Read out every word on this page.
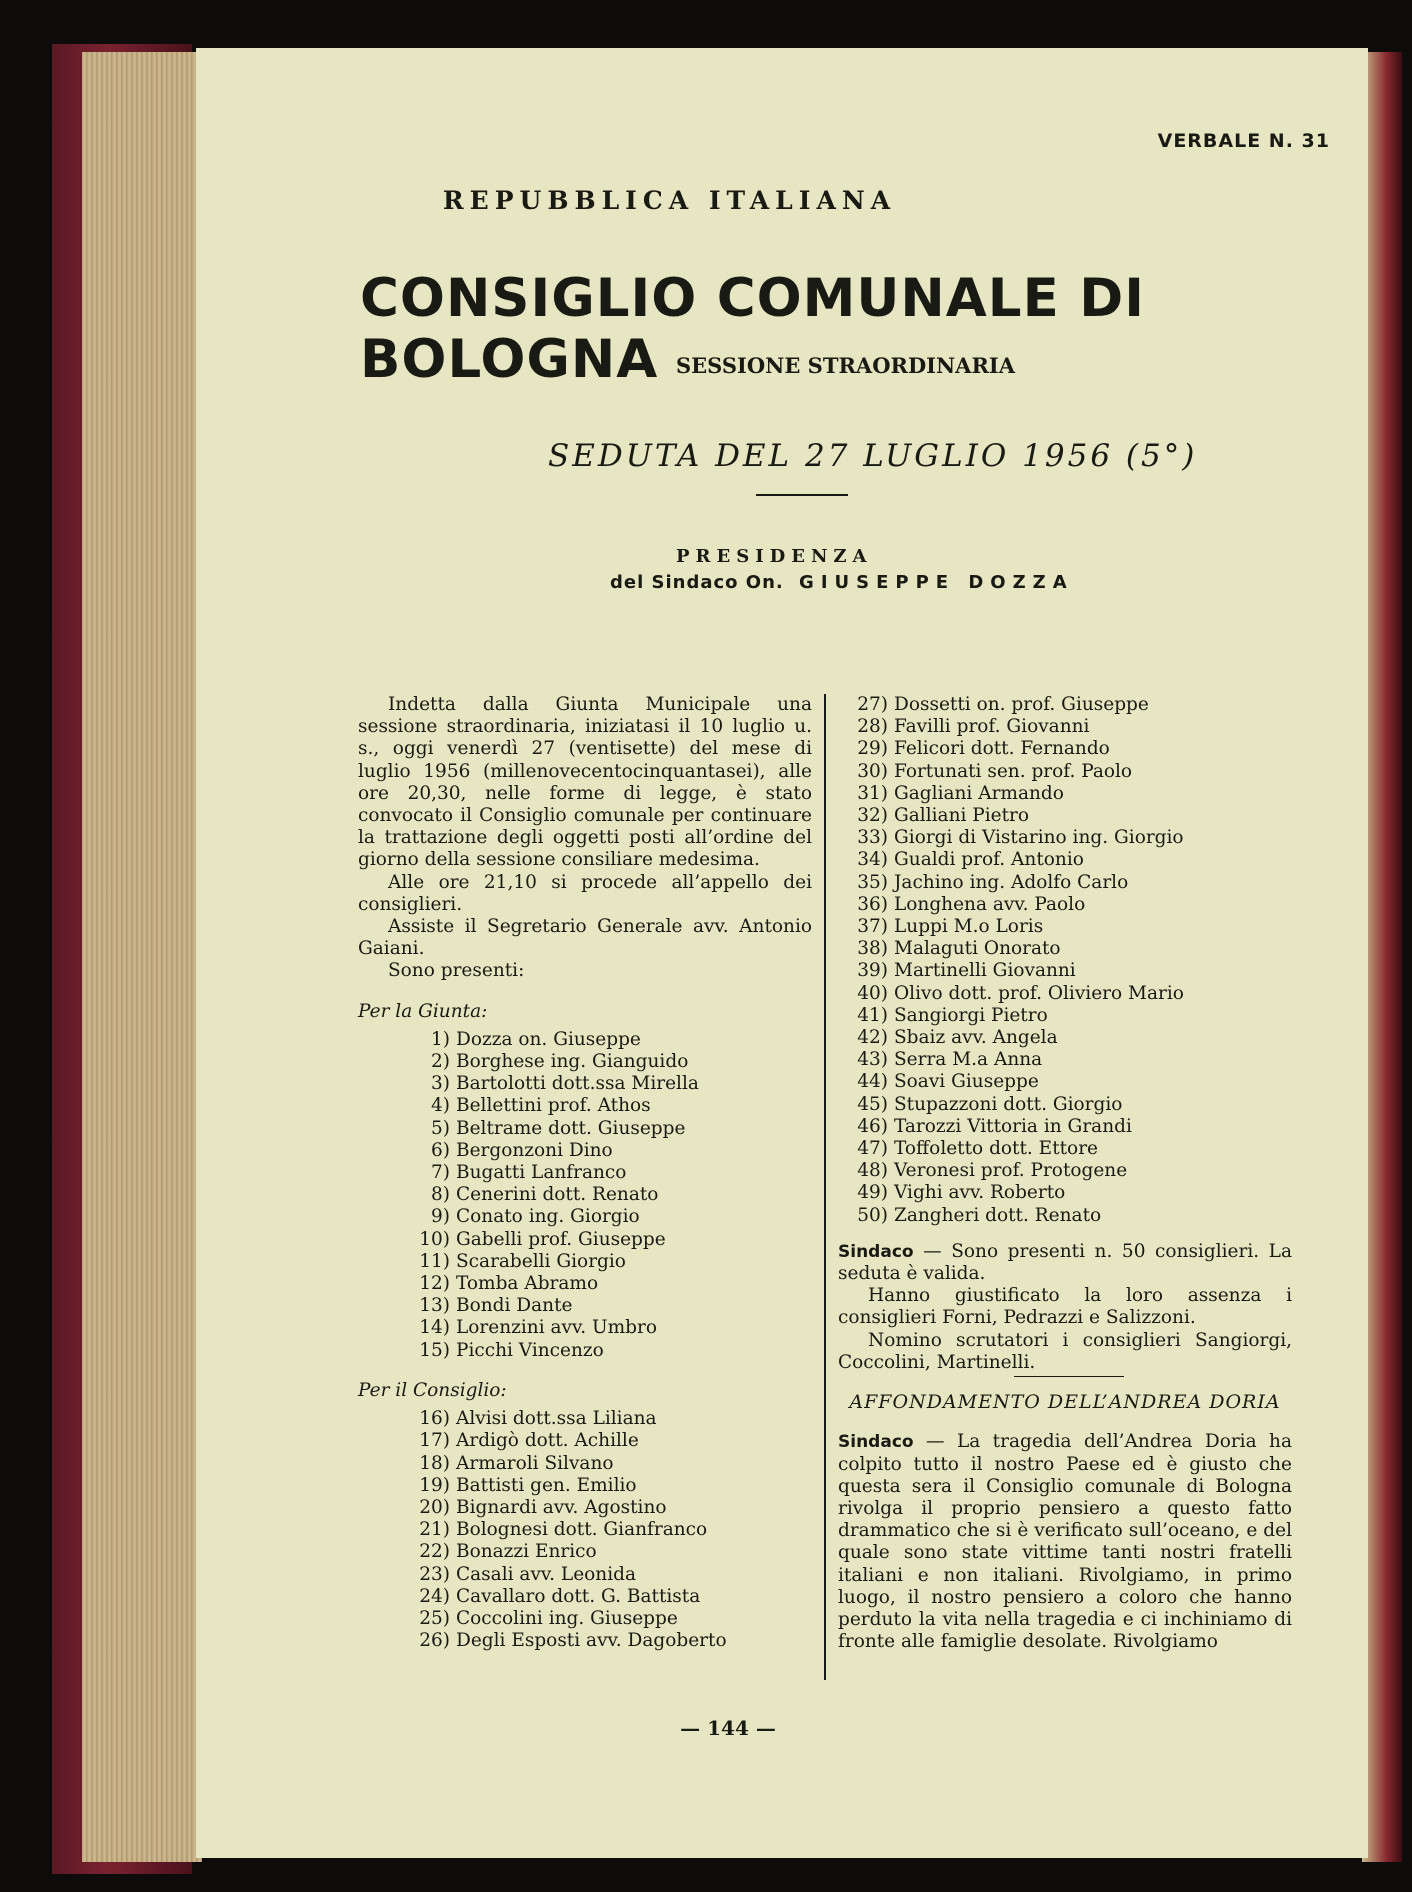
VERBALE N. 31
REPUBBLICA ITALIANA
CONSIGLIO COMUNALE DI BOLOGNA SESSIONE STRAORDINARIA
SEDUTA DEL 27 LUGLIO 1956 (5°)
PRESIDENZA
del Sindaco On. GIUSEPPE DOZZA

Indetta dalla Giunta Municipale una sessione straordinaria, iniziatasi il 10 luglio u. s., oggi venerdì 27 (ventisette) del mese di luglio 1956 (millenovecentocinquantasei), alle ore 20,30, nelle forme di legge, è stato convocato il Consiglio comunale per continuare la trattazione degli oggetti posti all’ordine del giorno della sessione consiliare medesima.

Alle ore 21,10 si procede all’appello dei consiglieri.

Assiste il Segretario Generale avv. Antonio Gaiani.

Sono presenti:

Per la Giunta:
1) Dozza on. Giuseppe
2) Borghese ing. Gianguido
3) Bartolotti dott.ssa Mirella
4) Bellettini prof. Athos
5) Beltrame dott. Giuseppe
6) Bergonzoni Dino
7) Bugatti Lanfranco
8) Cenerini dott. Renato
9) Conato ing. Giorgio
10) Gabelli prof. Giuseppe
11) Scarabelli Giorgio
12) Tomba Abramo
13) Bondi Dante
14) Lorenzini avv. Umbro
15) Picchi Vincenzo
Per il Consiglio:
16) Alvisi dott.ssa Liliana
17) Ardigò dott. Achille
18) Armaroli Silvano
19) Battisti gen. Emilio
20) Bignardi avv. Agostino
21) Bolognesi dott. Gianfranco
22) Bonazzi Enrico
23) Casali avv. Leonida
24) Cavallaro dott. G. Battista
25) Coccolini ing. Giuseppe
26) Degli Esposti avv. Dagoberto
27) Dossetti on. prof. Giuseppe
28) Favilli prof. Giovanni
29) Felicori dott. Fernando
30) Fortunati sen. prof. Paolo
31) Gagliani Armando
32) Galliani Pietro
33) Giorgi di Vistarino ing. Giorgio
34) Gualdi prof. Antonio
35) Jachino ing. Adolfo Carlo
36) Longhena avv. Paolo
37) Luppi M.o Loris
38) Malaguti Onorato
39) Martinelli Giovanni
40) Olivo dott. prof. Oliviero Mario
41) Sangiorgi Pietro
42) Sbaiz avv. Angela
43) Serra M.a Anna
44) Soavi Giuseppe
45) Stupazzoni dott. Giorgio
46) Tarozzi Vittoria in Grandi
47) Toffoletto dott. Ettore
48) Veronesi prof. Protogene
49) Vighi avv. Roberto
50) Zangheri dott. Renato

Sindaco — Sono presenti n. 50 consiglieri. La seduta è valida.

Hanno giustificato la loro assenza i consiglieri Forni, Pedrazzi e Salizzoni.

Nomino scrutatori i consiglieri Sangiorgi, Coccolini, Martinelli.

AFFONDAMENTO DELL’ANDREA DORIA

Sindaco — La tragedia dell’Andrea Doria ha colpito tutto il nostro Paese ed è giusto che questa sera il Consiglio comunale di Bologna rivolga il proprio pensiero a questo fatto drammatico che si è verificato sull’oceano, e del quale sono state vittime tanti nostri fratelli italiani e non italiani. Rivolgiamo, in primo luogo, il nostro pensiero a coloro che hanno perduto la vita nella tragedia e ci inchiniamo di fronte alle famiglie desolate. Rivolgiamo

— 144 —
